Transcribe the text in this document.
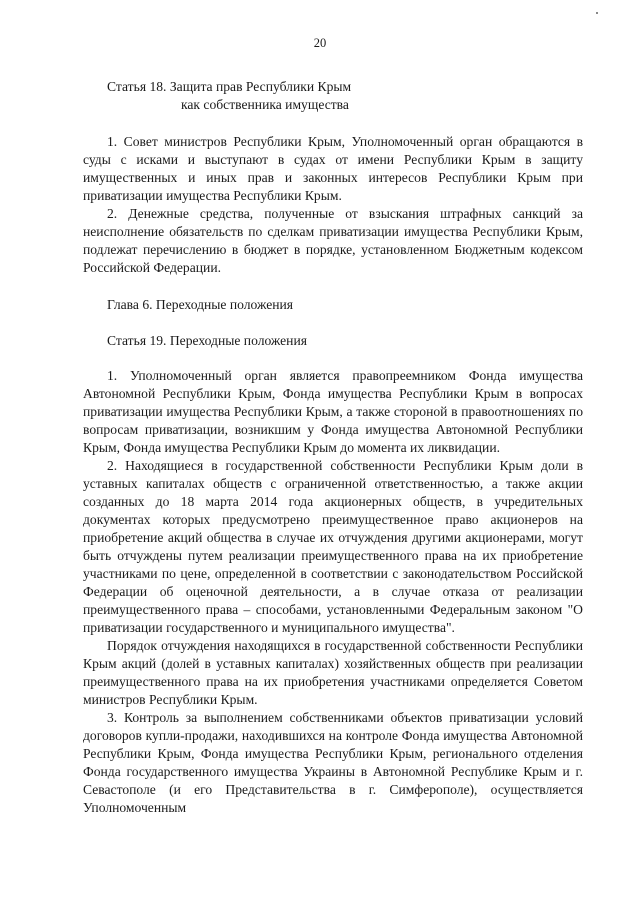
20

Статья 18. Защита прав Республики Крым

как собственника имущества

1. Совет министров Республики Крым, Уполномоченный орган обращаются в суды с исками и выступают в судах от имени Республики Крым в защиту имущественных и иных прав и законных интересов Республики Крым при приватизации имущества Республики Крым.

2. Денежные средства, полученные от взыскания штрафных санкций за неисполнение обязательств по сделкам приватизации имущества Республики Крым, подлежат перечислению в бюджет в порядке, установленном Бюджетным кодексом Российской Федерации.

Глава 6. Переходные положения

Статья 19. Переходные положения

1. Уполномоченный орган является правопреемником Фонда имущества Автономной Республики Крым, Фонда имущества Республики Крым в вопросах приватизации имущества Республики Крым, а также стороной в правоотношениях по вопросам приватизации, возникшим у Фонда имущества Автономной Республики Крым, Фонда имущества Республики Крым до момента их ликвидации.

2. Находящиеся в государственной собственности Республики Крым доли в уставных капиталах обществ с ограниченной ответственностью, а также акции созданных до 18 марта 2014 года акционерных обществ, в учредительных документах которых предусмотрено преимущественное право акционеров на приобретение акций общества в случае их отчуждения другими акционерами, могут быть отчуждены путем реализации преимущественного права на их приобретение участниками по цене, определенной в соответствии с законодательством Российской Федерации об оценочной деятельности, а в случае отказа от реализации преимущественного права – способами, установленными Федеральным законом "О приватизации государственного и муниципального имущества".

Порядок отчуждения находящихся в государственной собственности Республики Крым акций (долей в уставных капиталах) хозяйственных обществ при реализации преимущественного права на их приобретения участниками определяется Советом министров Республики Крым.

3. Контроль за выполнением собственниками объектов приватизации условий договоров купли-продажи, находившихся на контроле Фонда имущества Автономной Республики Крым, Фонда имущества Республики Крым, регионального отделения Фонда государственного имущества Украины в Автономной Республике Крым и г. Севастополе (и его Представительства в г. Симферополе), осуществляется Уполномоченным
